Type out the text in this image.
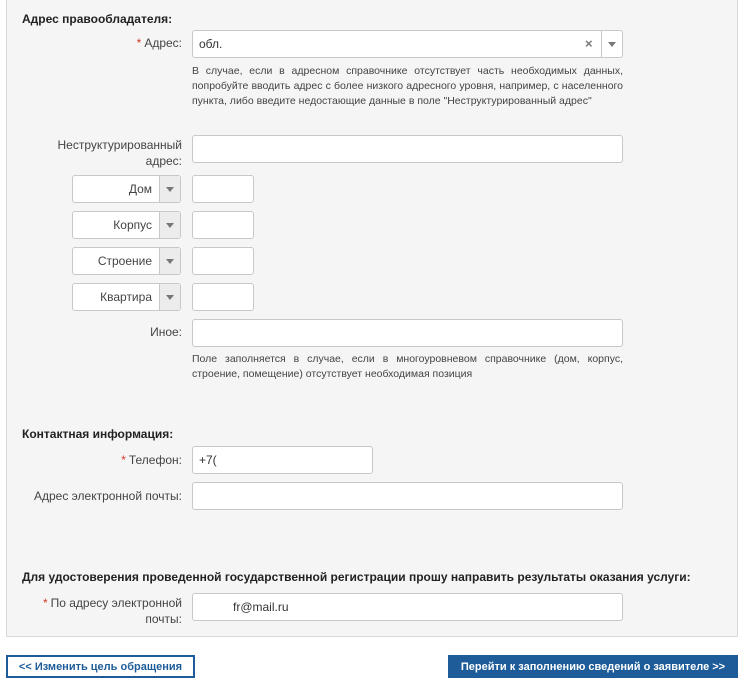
Адрес правообладателя:
* Адрес:	обл.	×
В случае, если в адресном справочнике отсутствует часть необходимых данных, попробуйте вводить адрес с более низкого адресного уровня, например, с населенного пункта, либо введите недостающие данные в поле "Неструктурированный адрес"
Неструктурированный
адрес:
Дом
Корпус
Строение
Квартира
Иное:
Поле заполняется в случае, если в многоуровневом справочнике (дом, корпус, строение, помещение) отсутствует необходимая позиция
Контактная информация:
* Телефон:	+7(
Адрес электронной почты:
Для удостоверения проведенной государственной регистрации прошу направить результаты оказания услуги:
* По адресу электронной
почты:
fr@mail.ru
<< Изменить цель обращения	Перейти к заполнению сведений о заявителе >>
